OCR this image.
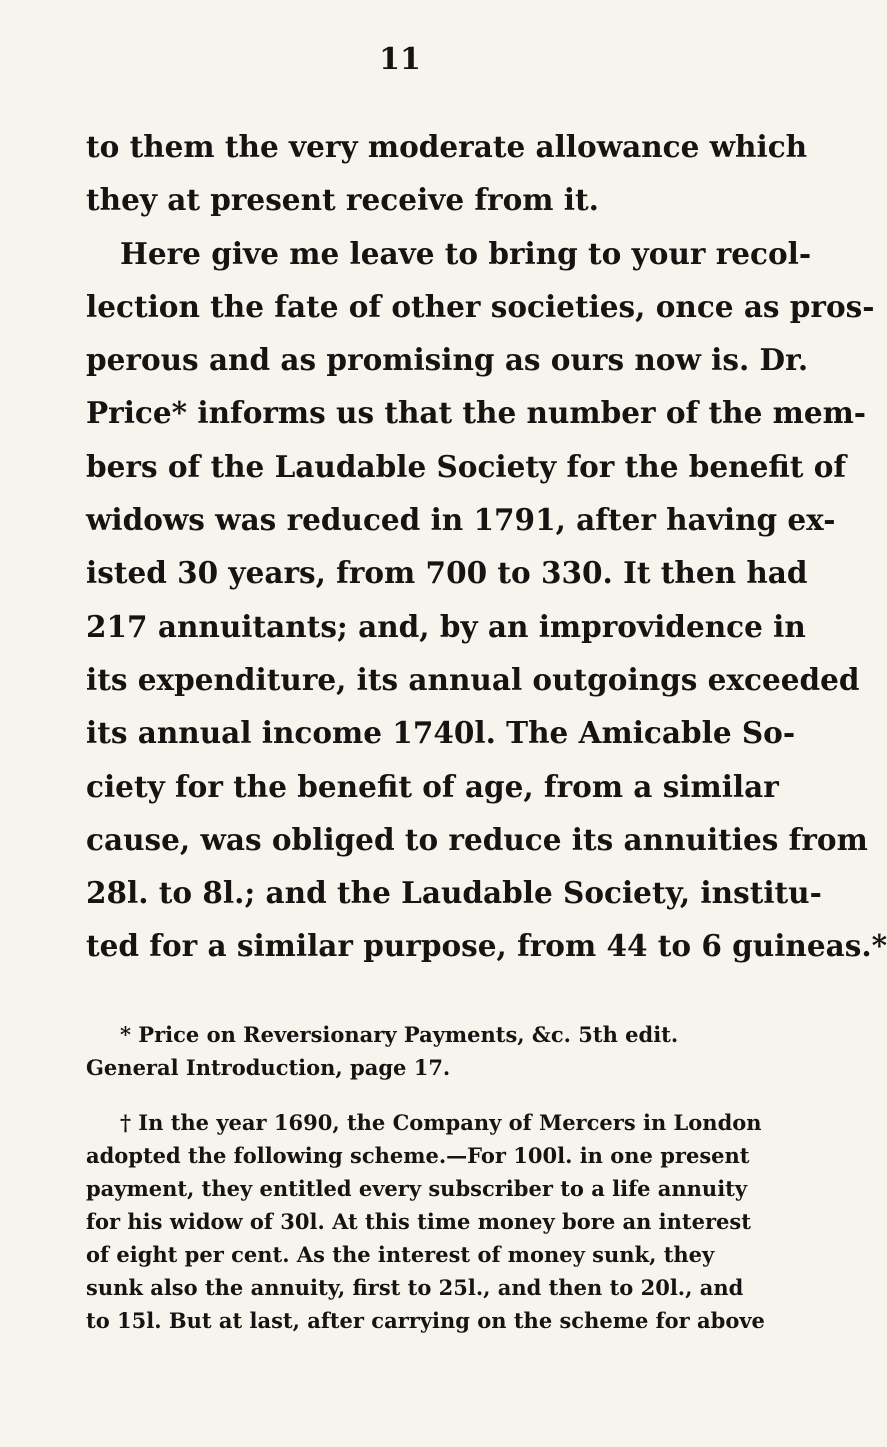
11
to them the very moderate allowance which
they at present receive from it.
Here give me leave to bring to your recol-
lection the fate of other societies, once as pros-
perous and as promising as ours now is. Dr.
Price* informs us that the number of the mem-
bers of the Laudable Society for the benefit of
widows was reduced in 1791, after having ex-
isted 30 years, from 700 to 330. It then had
217 annuitants; and, by an improvidence in
its expenditure, its annual outgoings exceeded
its annual income 1740l. The Amicable So-
ciety for the benefit of age, from a similar
cause, was obliged to reduce its annuities from
28l. to 8l.; and the Laudable Society, institu-
ted for a similar purpose, from 44 to 6 guineas.*
* Price on Reversionary Payments, &c. 5th edit.
General Introduction, page 17.
† In the year 1690, the Company of Mercers in London
adopted the following scheme.—For 100l. in one present
payment, they entitled every subscriber to a life annuity
for his widow of 30l. At this time money bore an interest
of eight per cent. As the interest of money sunk, they
sunk also the annuity, first to 25l., and then to 20l., and
to 15l. But at last, after carrying on the scheme for above
